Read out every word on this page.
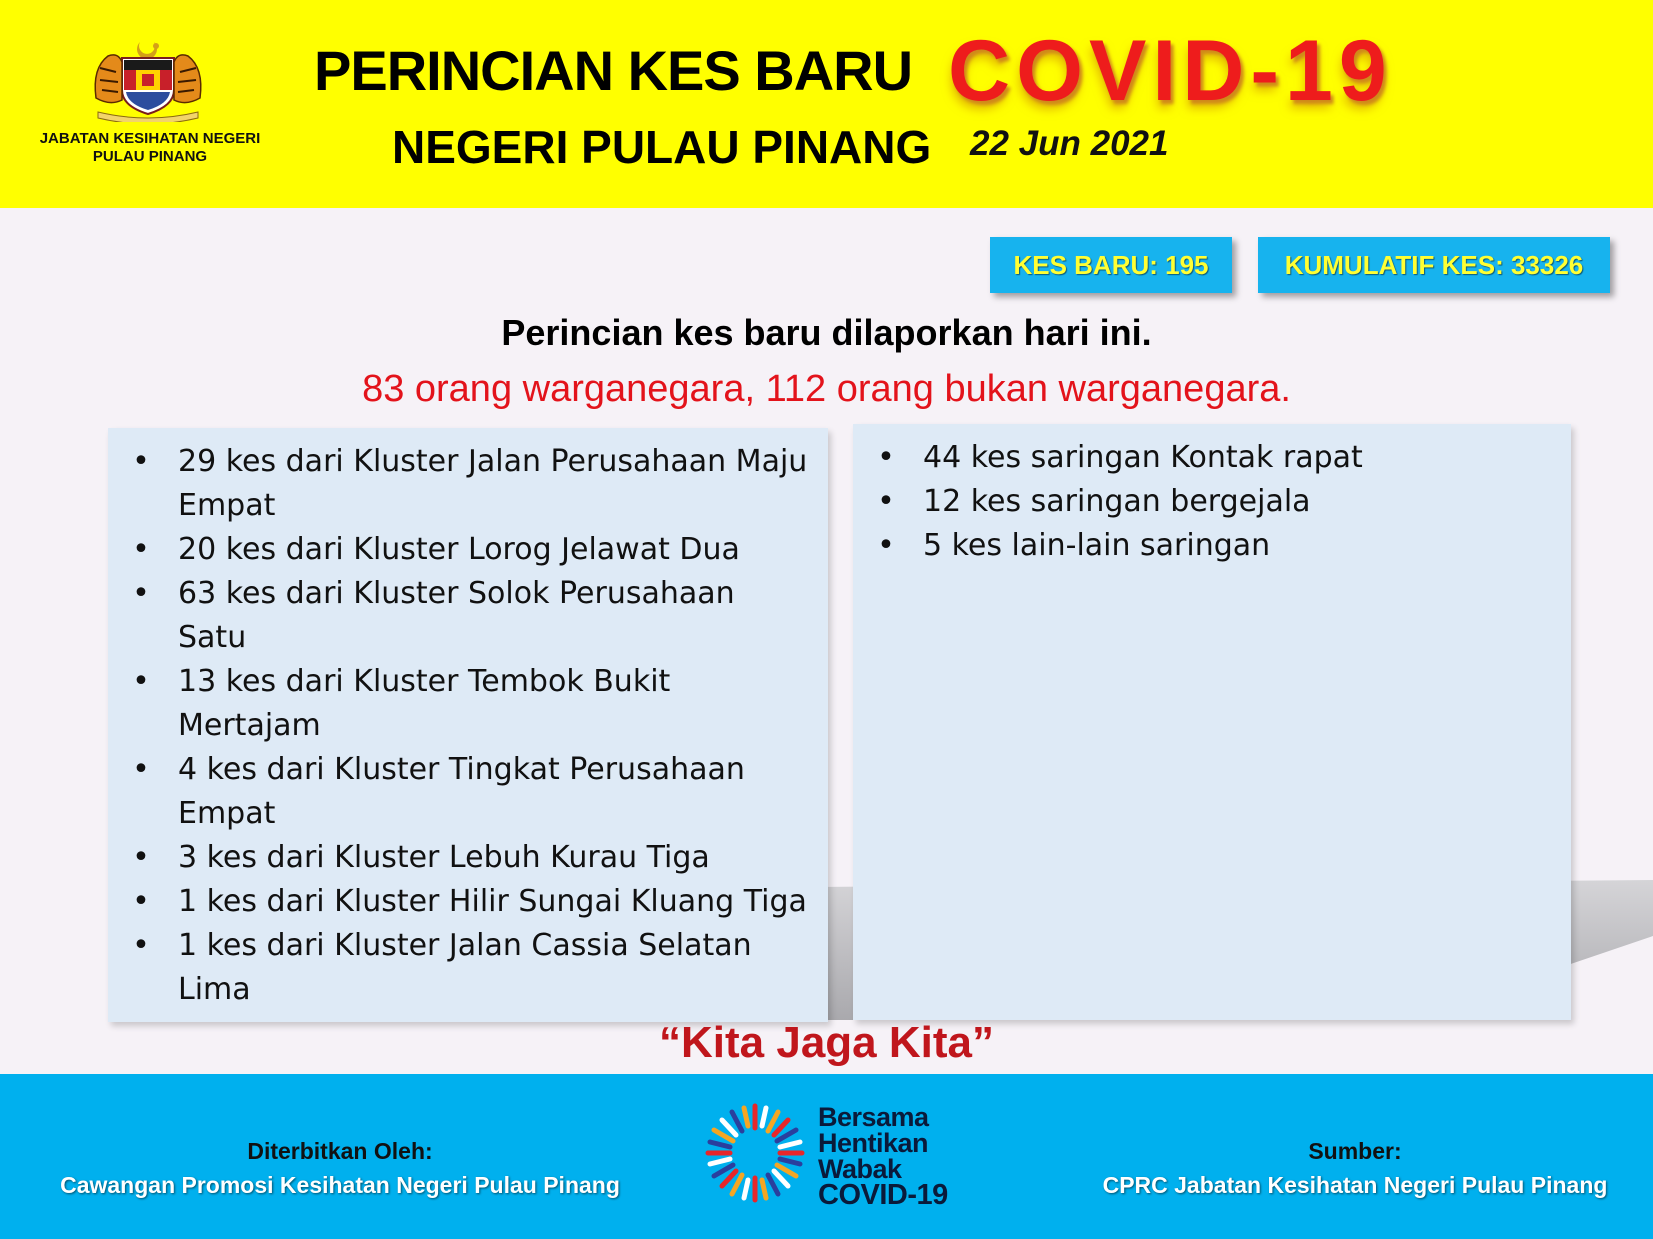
JABATAN KESIHATAN NEGERI
PULAU PINANG
PERINCIAN KES BARU COVID-19
NEGERI PULAU PINANG 22 Jun 2021
KES BARU: 195	KUMULATIF KES: 33326
Perincian kes baru dilaporkan hari ini.
83 orang warganegara, 112 orang bukan warganegara.
• 29 kes dari Kluster Jalan Perusahaan Maju Empat
• 20 kes dari Kluster Lorog Jelawat Dua
• 63 kes dari Kluster Solok Perusahaan Satu
• 13 kes dari Kluster Tembok Bukit Mertajam
• 4 kes dari Kluster Tingkat Perusahaan Empat
• 3 kes dari Kluster Lebuh Kurau Tiga
• 1 kes dari Kluster Hilir Sungai Kluang Tiga
• 1 kes dari Kluster Jalan Cassia Selatan Lima
• 44 kes saringan Kontak rapat
• 12 kes saringan bergejala
• 5 kes lain-lain saringan
“Kita Jaga Kita”
Diterbitkan Oleh:
Cawangan Promosi Kesihatan Negeri Pulau Pinang
Bersama
Hentikan
Wabak
COVID-19
Sumber:
CPRC Jabatan Kesihatan Negeri Pulau Pinang
